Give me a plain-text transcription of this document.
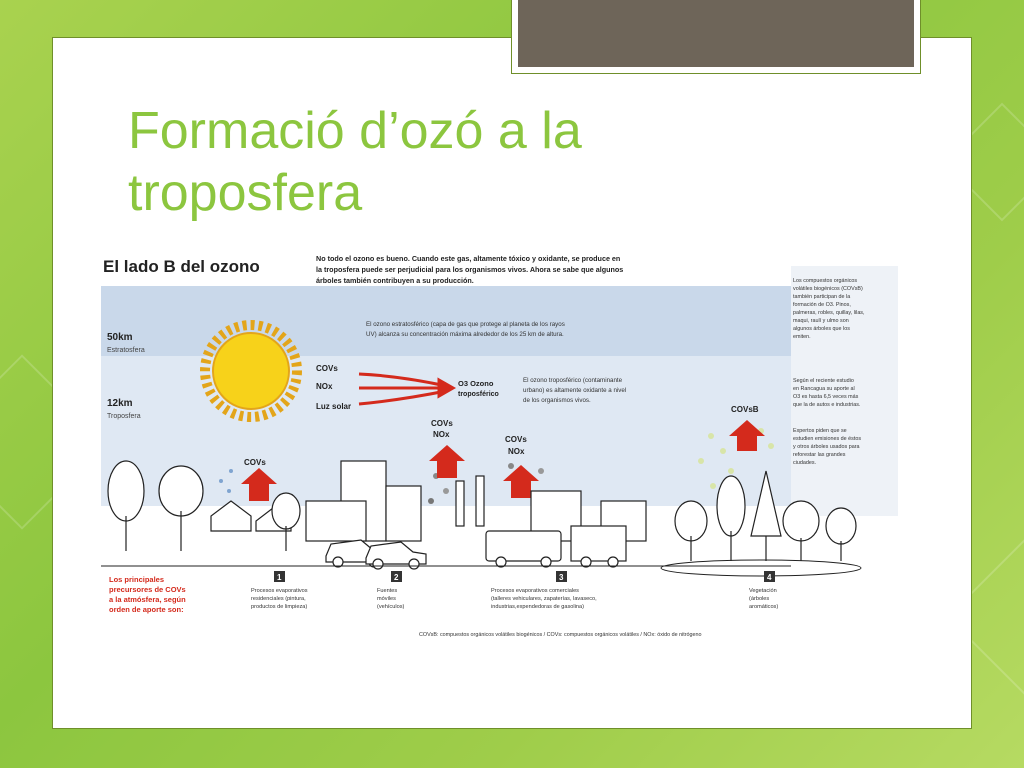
Formació d’ozó a la
troposfera
El lado B del ozono	No todo el ozono es bueno. Cuando este gas, altamente tóxico y oxidante, se produce en
la troposfera puede ser perjudicial para los organismos vivos. Ahora se sabe que algunos
árboles también contribuyen a su producción.
50km
Estratosfera
12km
Troposfera
El ozono estratosférico (capa de gas que protege al planeta de los rayos
UV) alcanza su concentración máxima alrededor de los 25 km de altura.
COVs
NOx
Luz solar
O3 Ozono
troposférico
El ozono troposférico (contaminante
urbano) es altamente oxidante a nivel
de los organismos vivos.
COVs
COVs
NOx
COVs
NOx
COVsB
Los compuestos orgánicos
volátiles biogénicos (COVsB)
también participan de la
formación de O3. Pinos,
palmeras, robles, quillay, lilas,
maqui, raulí y ulmo son
algunos árboles que los
emiten.
Según el reciente estudio
en Rancagua su aporte al
O3 es hasta 6,5 veces más
que la de autos e industrias.
Expertos piden que se
estudien emisiones de éstos
y otros árboles usados para
reforestar las grandes
ciudades.
Los principales
precursores de COVs
a la atmósfera, según
orden de aporte son:
1
Procesos evaporativos
residenciales (pintura,
productos de limpieza)
2
Fuentes
móviles
(vehículos)
3
Procesos evaporativos comerciales
(talleres vehiculares, zapaterías, lavaseco,
industrias,expendedoras de gasolina)
4
Vegetación
(árboles
aromáticos)
COVsB: compuestos orgánicos volátiles biogénicos / COVs: compuestos orgánicos volátiles / NOx: óxido de nitrógeno
